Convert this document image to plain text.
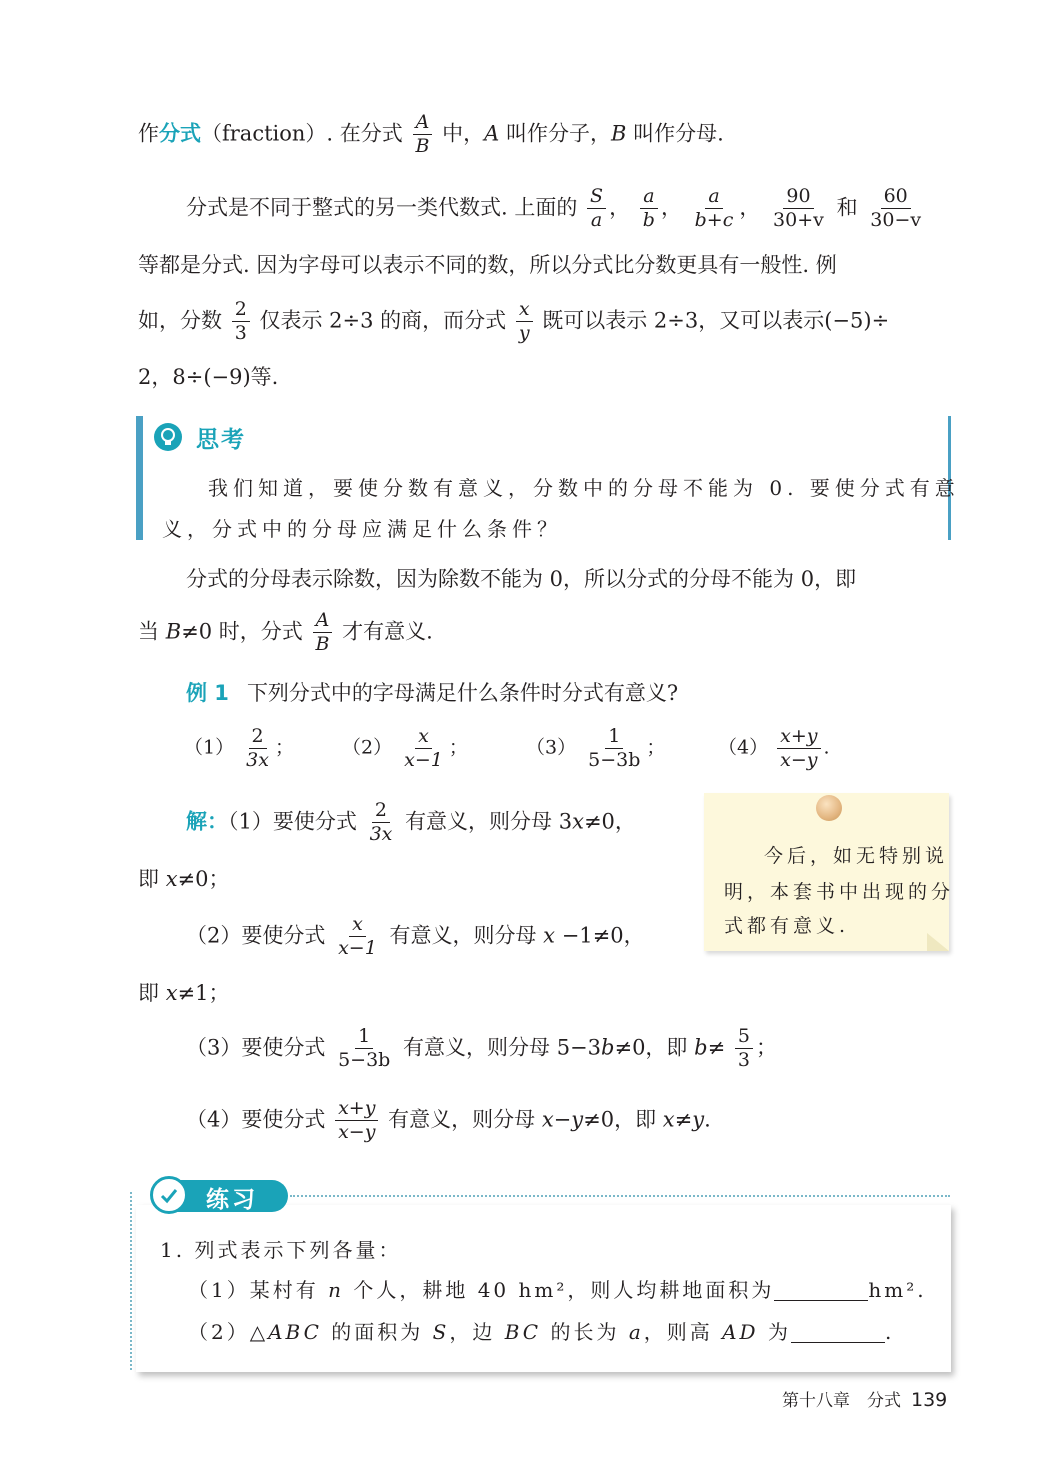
作分式（fraction）. 在分式 $\frac{A}{B}$ 中，A 叫作分子，B 叫作分母.
分式是不同于整式的另一类代数式. 上面的 $\frac{S}{a}$ ， $\frac{a}{b}$ ， $\frac{a}{b+c}$ ， $\frac{90}{30+v}$ 和 $\frac{60}{30-v}$
等都是分式. 因为字母可以表示不同的数，所以分式比分数更具有一般性. 例
如，分数 $\frac{2}{3}$ 仅表示 2÷3 的商，而分式 $\frac{x}{y}$ 既可以表示 2÷3，又可以表示(−5)÷
2，8÷(−9)等.
思考
我们知道，要使分数有意义，分数中的分母不能为 0. 要使分式有意
义，分式中的分母应满足什么条件？
分式的分母表示除数，因为除数不能为 0，所以分式的分母不能为 0，即
当 B≠0 时，分式 $\frac{A}{B}$ 才有意义.
例 1 下列分式中的字母满足什么条件时分式有意义?
$(1) \frac{2}{3x}$ ；	$(2) \frac{x}{x-1}$ ；	$(3) \frac{1}{5-3b}$ ；	$(4) \frac{x+y}{x-y}$ .
解：（1）要使分式 $\frac{2}{3x}$ 有意义，则分母 3x≠0，
即 x≠0；
（2）要使分式 $\frac{x}{x-1}$ 有意义，则分母 x −1≠0，
即 x≠1；
（3）要使分式 $\frac{1}{5-3b}$ 有意义，则分母 5−3b≠0，即 $b\ne \frac{5}{3}$ ；
（4）要使分式 $\frac{x+y}{x-y}$ 有意义，则分母 x−y≠0，即 x≠y.
今后，如无特别说
明，本套书中出现的分
式都有意义.
练习
1. 列式表示下列各量：
（1）某村有 n 个人，耕地 40 hm²，则人均耕地面积为	hm².
（2）△ABC 的面积为 S，边 BC 的长为 a，则高 AD 为	.
第十八章　分式 139
